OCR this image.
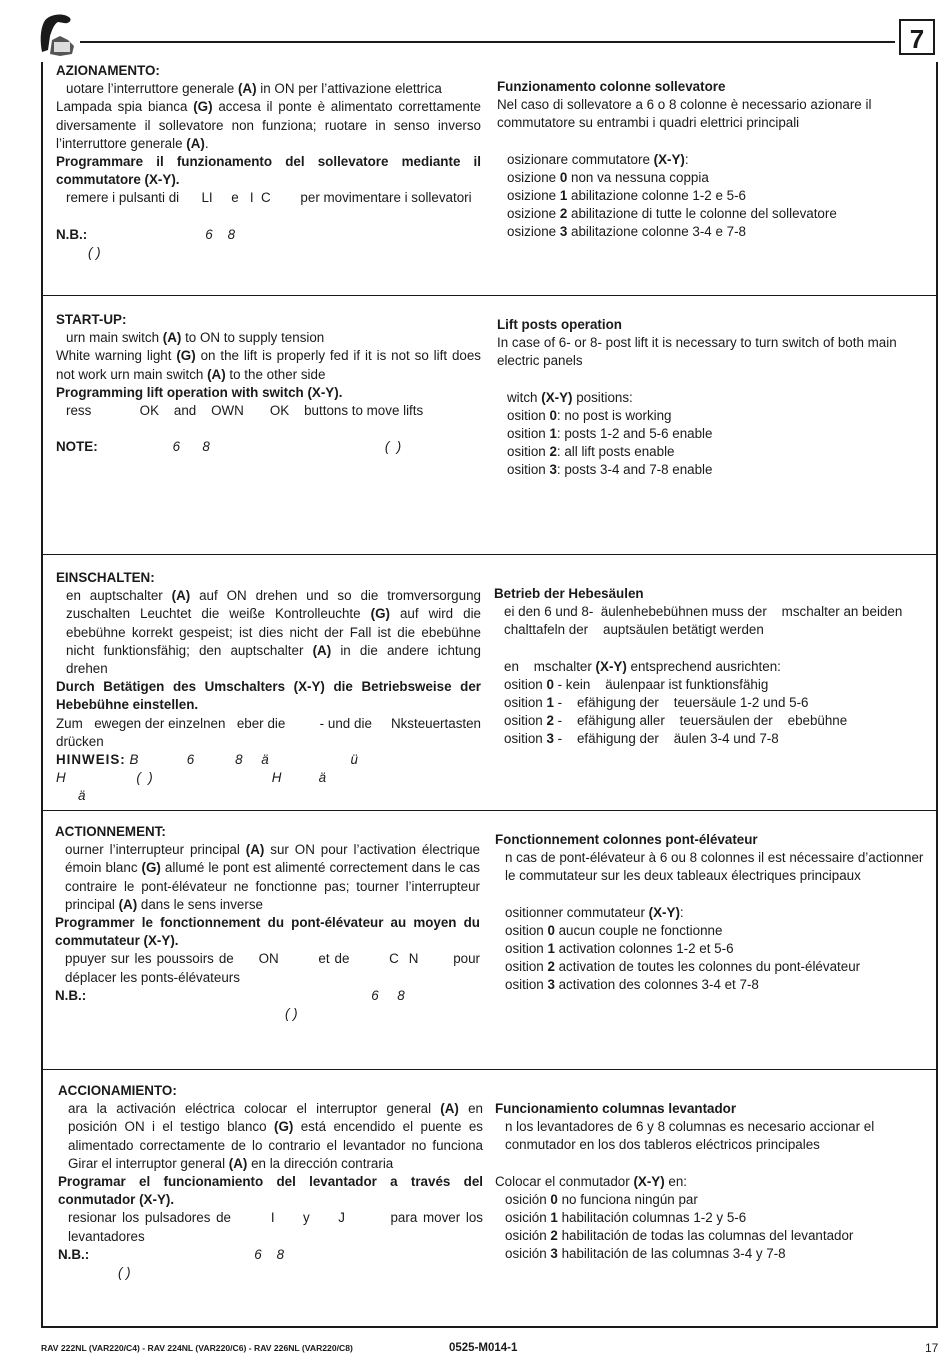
7

AZIONAMENTO:

uotare l’interruttore generale (A) in ON per l’attivazione elettrica

Lampada spia bianca (G) accesa il ponte è alimentato correttamente diversamente il sollevatore non funziona; ruotare in senso inverso l’interruttore generale (A).

Programmare il funzionamento del sollevatore mediante il commutatore (X-Y).

remere i pulsanti di      LI     e   I  C        per movimentare i sollevatori

N.B.:	6    8

( )

Funzionamento colonne sollevatore

Nel caso di sollevatore a 6 o 8 colonne è necessario azionare il commutatore su entrambi i quadri elettrici principali

osizionare commutatore (X-Y):

osizione 0 non va nessuna coppia

osizione 1 abilitazione colonne 1-2 e 5-6

osizione 2 abilitazione di tutte le colonne del sollevatore

osizione 3 abilitazione colonne 3-4 e 7-8

START-UP:

urn main switch (A) to ON to supply tension

White warning light (G) on the lift is properly fed if it is not so lift does not work urn main switch (A) to the other side

Programming lift operation with switch (X-Y).

ress             OK    and    OWN       OK    buttons to move lifts

NOTE:	6      8	(  )

Lift posts operation

In case of 6- or 8- post lift it is necessary to turn switch of both main electric panels

witch (X-Y) positions:

osition 0: no post is working

osition 1: posts 1-2 and 5-6 enable

osition 2: all lift posts enable

osition 3: posts 3-4 and 7-8 enable

EINSCHALTEN:

en auptschalter (A) auf ON drehen und so die tromversorgung zuschalten Leuchtet die weiße Kontrolleuchte (G) auf wird die ebebühne korrekt gespeist; ist dies nicht der Fall ist die ebebühne nicht funktionsfähig; den auptschalter (A) in die andere ichtung drehen

Durch Betätigen des Umschalters (X-Y) die Betriebsweise der Hebebühne einstellen.

Zum   ewegen der einzelnen   eber die         - und die     Nksteuertasten drücken

HINWEIS: B             6           8     ä                      ü

H                   (  )                                H          ä

ä

Betrieb der Hebesäulen

ei den 6 und 8-  äulenhebebühnen muss der    mschalter an beiden    chalttafeln der    auptsäulen betätigt werden

en    mschalter (X-Y) entsprechend ausrichten:

osition 0 - kein    äulenpaar ist funktionsfähig

osition 1 -    efähigung der    teuersäule 1-2 und 5-6

osition 2 -    efähigung aller    teuersäulen der    ebebühne

osition 3 -    efähigung der    äulen 3-4 und 7-8

ACTIONNEMENT:

ourner l’interrupteur principal (A) sur ON pour l’activation électrique émoin blanc (G) allumé le pont est alimenté correctement dans le cas contraire le pont-élévateur ne fonctionne pas; tourner l’interrupteur principal (A) dans le sens inverse

Programmer le fonctionnement du pont-élévateur au moyen du commutateur (X-Y).

ppuyer sur les poussoirs de     ON        et de        C  N       pour déplacer les ponts-élévateurs

N.B.:	6     8

( )

Fonctionnement colonnes pont-élévateur

n cas de pont-élévateur à 6 ou 8 colonnes il est nécessaire d’actionner le commutateur sur les deux tableaux électriques principaux

ositionner commutateur (X-Y):

osition 0 aucun couple ne fonctionne

osition 1 activation colonnes 1-2 et 5-6

osition 2 activation de toutes les colonnes du pont-élévateur

osition 3 activation des colonnes 3-4 et 7-8

ACCIONAMIENTO:

ara la activación eléctrica colocar el interruptor general (A) en posición ON i el testigo blanco (G) está encendido el puente es alimentado correctamente de lo contrario el levantador no funciona Girar el interruptor general (A) en la dirección contraria

Programar el funcionamiento del levantador a través del conmutador (X-Y).

resionar los pulsadores de       I     y     J        para mover los levantadores

N.B.:	6    8

( )

Funcionamiento columnas levantador

n los levantadores de 6 y 8 columnas es necesario accionar el conmutador en los dos tableros eléctricos principales

Colocar el conmutador (X-Y) en:

osición 0 no funciona ningún par

osición 1 habilitación columnas 1-2 y 5-6

osición 2 habilitación de todas las columnas del levantador

osición 3 habilitación de las columnas 3-4 y 7-8

RAV 222NL (VAR220/C4) - RAV 224NL (VAR220/C6) - RAV 226NL (VAR220/C8)	0525-M014-1	17
